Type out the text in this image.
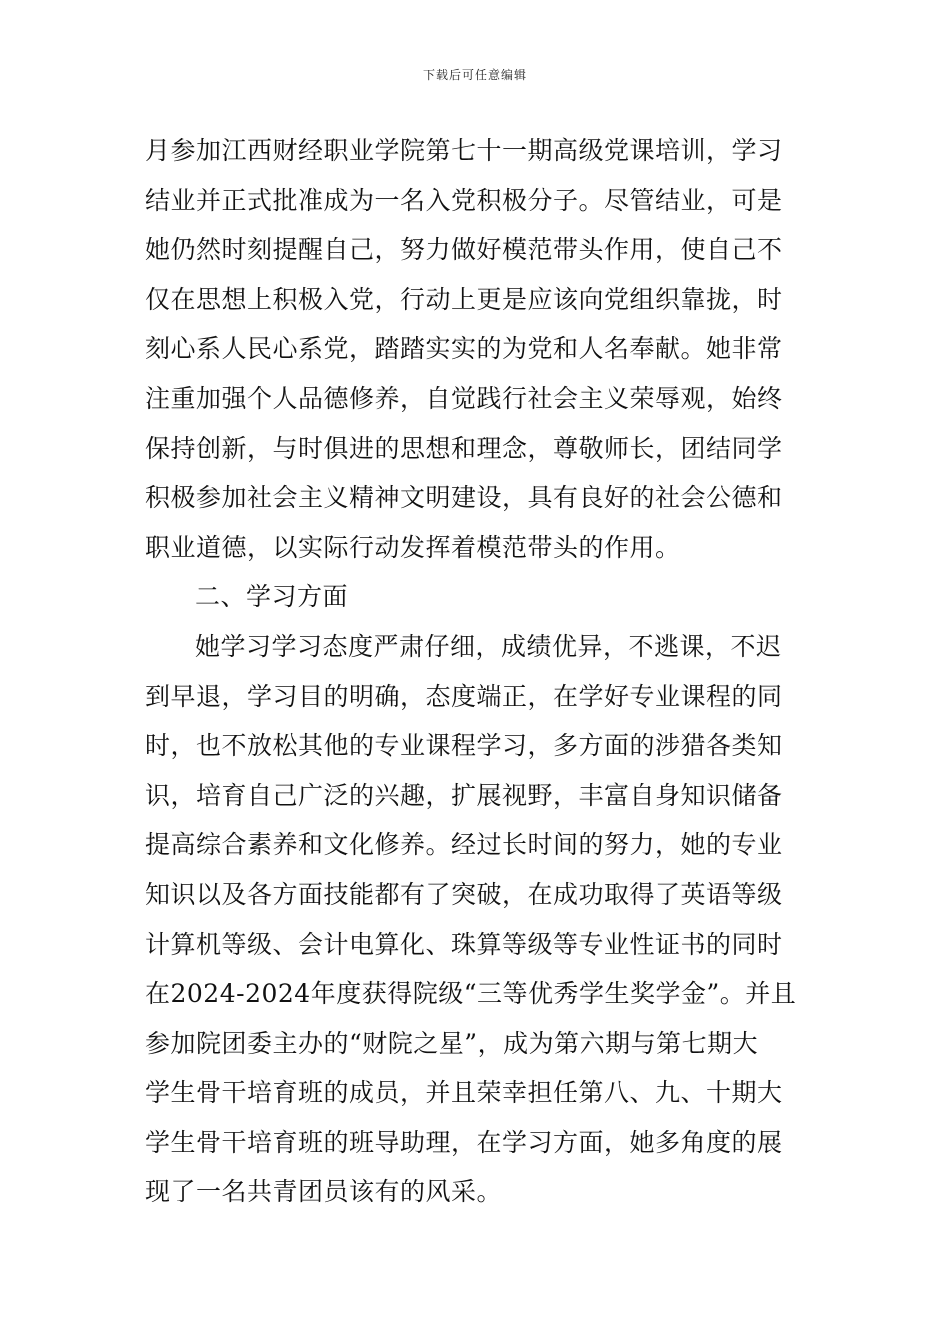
下载后可任意编辑
月参加江西财经职业学院第七十一期高级党课培训，学习
结业并正式批准成为一名入党积极分子。尽管结业，可是
她仍然时刻提醒自己，努力做好模范带头作用，使自己不
仅在思想上积极入党，行动上更是应该向党组织靠拢，时
刻心系人民心系党，踏踏实实的为党和人名奉献。她非常
注重加强个人品德修养，自觉践行社会主义荣辱观，始终
保持创新，与时俱进的思想和理念，尊敬师长，团结同学
积极参加社会主义精神文明建设，具有良好的社会公德和
职业道德，以实际行动发挥着模范带头的作用。
二、学习方面
她学习学习态度严肃仔细，成绩优异，不逃课，不迟
到早退，学习目的明确，态度端正，在学好专业课程的同
时，也不放松其他的专业课程学习，多方面的涉猎各类知
识，培育自己广泛的兴趣，扩展视野，丰富自身知识储备
提高综合素养和文化修养。经过长时间的努力，她的专业
知识以及各方面技能都有了突破，在成功取得了英语等级
计算机等级、会计电算化、珠算等级等专业性证书的同时
在2024-2024年度获得院级“三等优秀学生奖学金”。并且
参加院团委主办的“财院之星”，成为第六期与第七期大
学生骨干培育班的成员，并且荣幸担任第八、九、十期大
学生骨干培育班的班导助理，在学习方面，她多角度的展
现了一名共青团员该有的风采。
